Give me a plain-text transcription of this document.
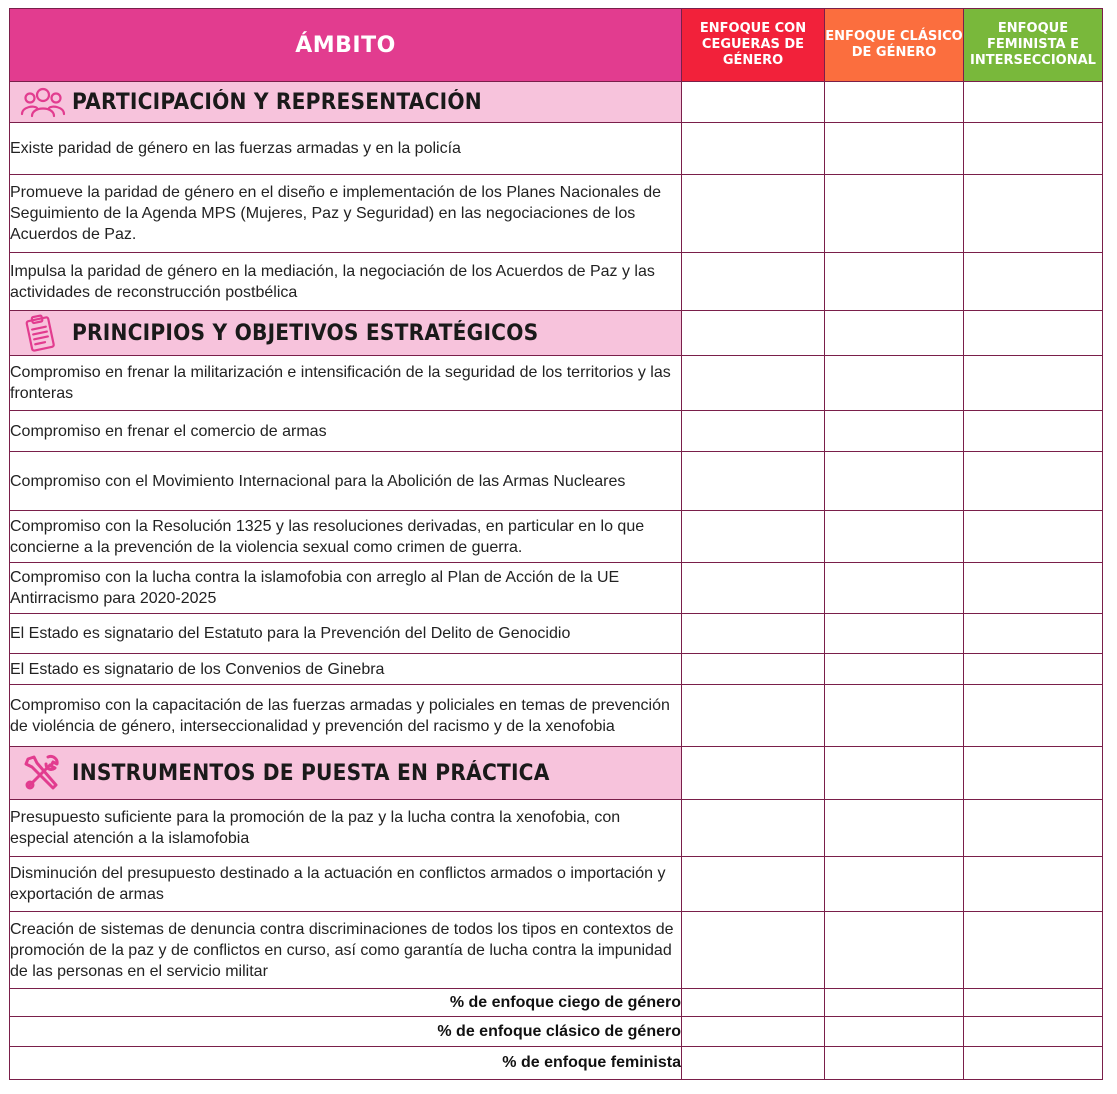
ÁMBITO	ENFOQUE CON CEGUERAS DE GÉNERO	ENFOQUE CLÁSICO DE GÉNERO	ENFOQUE FEMINISTA E INTERSECCIONAL

PARTICIPACIÓN Y REPRESENTACIÓN			

Existe paridad de género en las fuerzas armadas y en la policía			
Promueve la paridad de género en el diseño e implementación de los Planes Nacionales de Seguimiento de la Agenda MPS (Mujeres, Paz y Seguridad) en las negociaciones de los Acuerdos de Paz.			
Impulsa la paridad de género en la mediación, la negociación de los Acuerdos de Paz y las actividades de reconstrucción postbélica			

PRINCIPIOS Y OBJETIVOS ESTRATÉGICOS			

Compromiso en frenar la militarización e intensificación de la seguridad de los territorios y las fronteras			
Compromiso en frenar el comercio de armas			
Compromiso con el Movimiento Internacional para la Abolición de las Armas Nucleares			
Compromiso con la Resolución 1325 y las resoluciones derivadas, en particular en lo que concierne a la prevención de la violencia sexual como crimen de guerra.			
Compromiso con la lucha contra la islamofobia con arreglo al Plan de Acción de la UE Antirracismo para 2020-2025			
El Estado es signatario del Estatuto para la Prevención del Delito de Genocidio			
El Estado es signatario de los Convenios de Ginebra			
Compromiso con la capacitación de las fuerzas armadas y policiales en temas de prevención de violéncia de género, interseccionalidad y prevención del racismo y de la xenofobia			

INSTRUMENTOS DE PUESTA EN PRÁCTICA			

Presupuesto suficiente para la promoción de la paz y la lucha contra la xenofobia, con especial atención a la islamofobia			
Disminución del presupuesto destinado a la actuación en conflictos armados o importación y exportación de armas			
Creación de sistemas de denuncia contra discriminaciones de todos los tipos en contextos de promoción de la paz y de conflictos en curso, así como garantía de lucha contra la impunidad de las personas en el servicio militar			
% de enfoque ciego de género			
% de enfoque clásico de género			
% de enfoque feminista			
